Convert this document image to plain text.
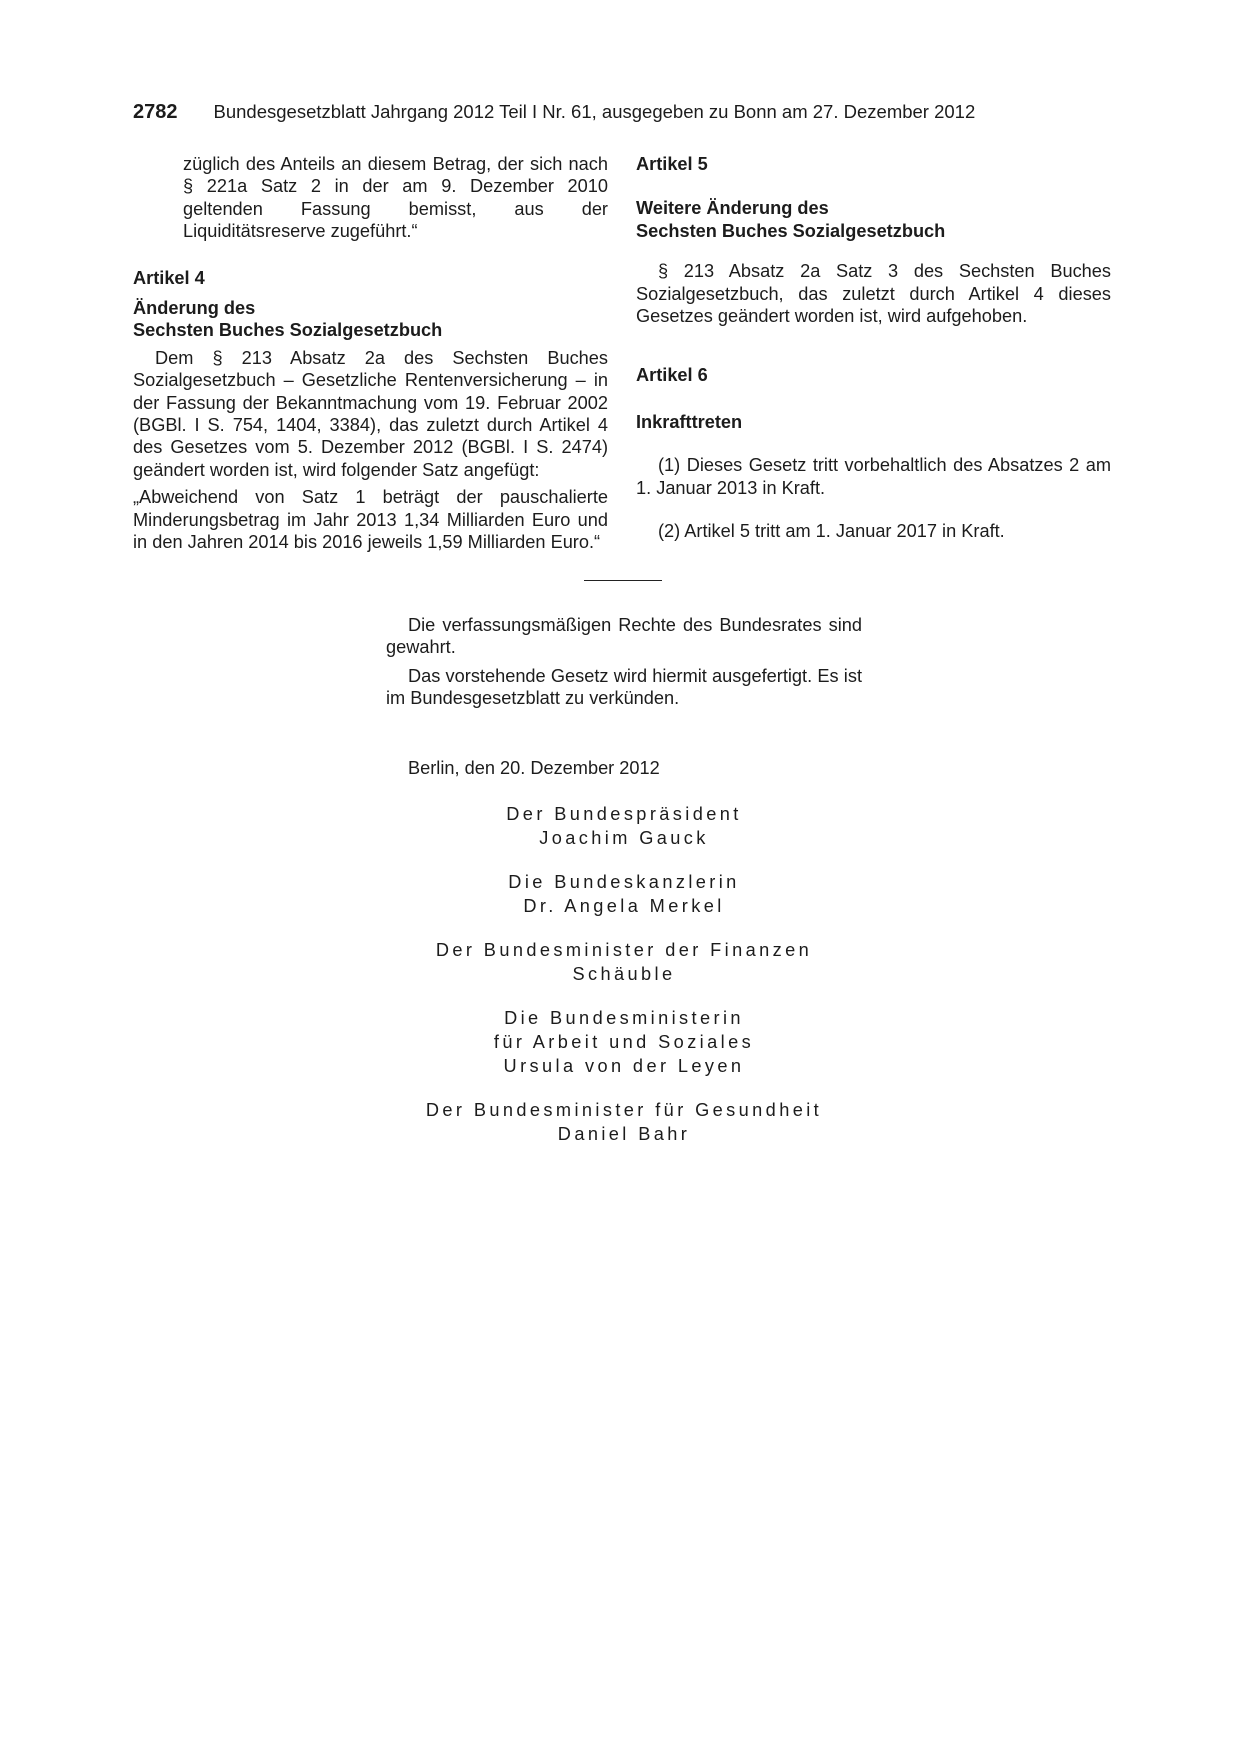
2782 Bundesgesetzblatt Jahrgang 2012 Teil I Nr. 61, ausgegeben zu Bonn am 27. Dezember 2012

züglich des Anteils an diesem Betrag, der sich nach § 221a Satz 2 in der am 9. Dezember 2010 geltenden Fassung bemisst, aus der Liquiditätsreserve zugeführt.“

Artikel 4

Änderung des

Sechsten Buches Sozialgesetzbuch

Dem § 213 Absatz 2a des Sechsten Buches Sozialgesetzbuch – Gesetzliche Rentenversicherung – in der Fassung der Bekanntmachung vom 19. Februar 2002 (BGBl. I S. 754, 1404, 3384), das zuletzt durch Artikel 4 des Gesetzes vom 5. Dezember 2012 (BGBl. I S. 2474) geändert worden ist, wird folgender Satz angefügt:

„Abweichend von Satz 1 beträgt der pauschalierte Minderungsbetrag im Jahr 2013 1,34 Milliarden Euro und in den Jahren 2014 bis 2016 jeweils 1,59 Milliarden Euro.“

Artikel 5

Weitere Änderung des

Sechsten Buches Sozialgesetzbuch

§ 213 Absatz 2a Satz 3 des Sechsten Buches Sozialgesetzbuch, das zuletzt durch Artikel 4 dieses Gesetzes geändert worden ist, wird aufgehoben.

Artikel 6

Inkrafttreten

(1) Dieses Gesetz tritt vorbehaltlich des Absatzes 2 am 1. Januar 2013 in Kraft.

(2) Artikel 5 tritt am 1. Januar 2017 in Kraft.

Die verfassungsmäßigen Rechte des Bundesrates sind gewahrt.

Das vorstehende Gesetz wird hiermit ausgefertigt. Es ist im Bundesgesetzblatt zu verkünden.

Berlin, den 20. Dezember 2012
Der Bundespräsident
Joachim Gauck
Die Bundeskanzlerin
Dr. Angela Merkel
Der Bundesminister der Finanzen
Schäuble
Die Bundesministerin
für Arbeit und Soziales
Ursula von der Leyen
Der Bundesminister für Gesundheit
Daniel Bahr
